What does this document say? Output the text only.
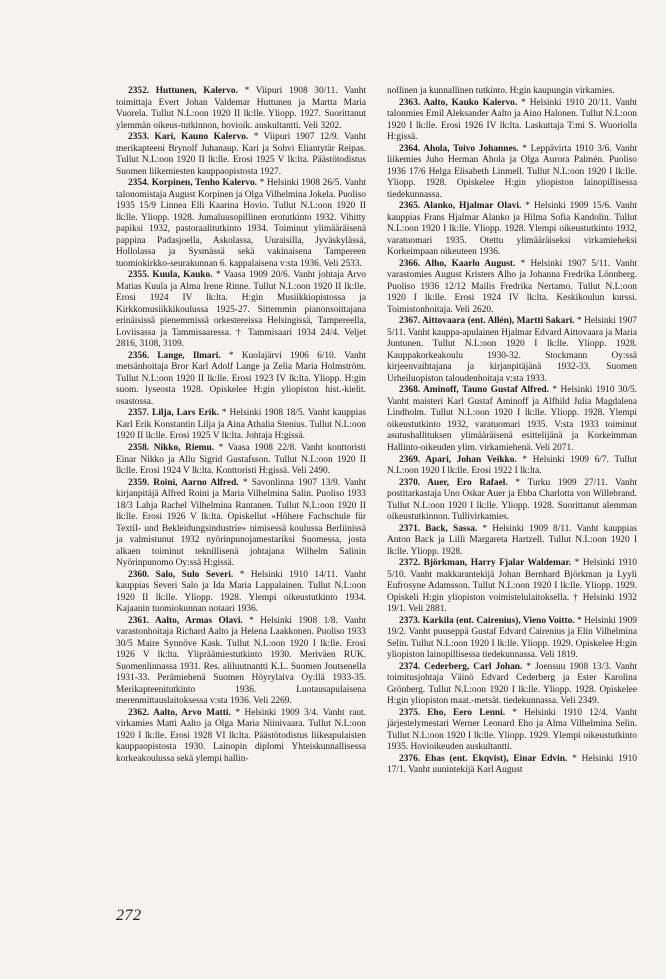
2352. Huttunen, Kalervo. * Viipuri 1908 30/11. Vanht toimittaja Evert Johan Valdemar Huttunen ja Martta Maria Vuorela. Tullut N.L:oon 1920 II lk:lle. Yliopp. 1927. Suorittanut ylemmän oikeus-tutkinnon, hovioik. auskultantti. Veli 3202.

2353. Kari, Kauno Kalervo. * Viipuri 1907 12/9. Vanht merikapteeni Brynolf Juhanaup. Kari ja Sohvi Eliantytär Reipas. Tullut N.L:oon 1920 II lk:lle. Erosi 1925 V lk:lta. Päästötodistus Suomen liikemiesten kauppaopistosta 1927.

2354. Korpinen, Tenho Kalervo. * Helsinki 1908 26/5. Vanht talonomistaja August Korpinen ja Olga Vilhelmina Jokela. Puoliso 1935 15/9 Linnea Elli Kaarina Hovio. Tullut N.L:oon 1920 II lk:lle. Yliopp. 1928. Jumaluusopillinen erotutkinto 1932. Vihitty papiksi 1932, pastoraalitutkinto 1934. Toiminut ylimääräisenä pappina Padasjoella, Askolassa, Uuraisilla, Jyväskylässä, Hollolassa ja Sysmässä sekä vakinaisena Tampereen tuomiokirkko-seurakunnan 6. kappalaisena v:sta 1936. Veli 2533.

2355. Kuula, Kauko. * Vaasa 1909 20/6. Vanht johtaja Arvo Matias Kuula ja Alma Irene Rinne. Tullut N.L:oon 1920 II lk:lle. Erosi 1924 IV lk:lta. H:gin Musiikkiopistossa ja Kirkkomusiikkikoulussa 1925-27. Sittemmin pianonsoittajana erinäisissä pienemmissä orkestereissa Helsingissä, Tampereella, Loviisassa ja Tammisaaressa. † Tammisaari 1934 24/4. Veljet 2816, 3108, 3109.

2356. Lange, Ilmari. * Kuolajärvi 1906 6/10. Vanht metsänhoitaja Bror Karl Adolf Lange ja Zelia Maria Holmström. Tullut N.L:oon 1920 II lk:lle. Erosi 1923 IV lk:lta. Yliopp. H:gin suom. lyseosta 1928. Opiskelee H:gin yliopiston hist.-kielit. osastossa.

2357. Lilja, Lars Erik. * Helsinki 1908 18/5. Vanht kauppias Karl Erik Konstantin Lilja ja Aina Athalia Stenius. Tullut N.L:oon 1920 II lk:lle. Erosi 1925 V lk:lta. Johtaja H:gissä.

2358. Nikko, Riemu. * Vaasa 1908 22/8. Vanht konttoristi Einar Nikko ja Allu Sigrid Gustafsson. Tullut N.L:oon 1920 II lk:lle. Erosi 1924 V lk:lta. Konttoristi H:gissä. Veli 2490.

2359. Roini, Aarno Alfred. * Savonlinna 1907 13/9. Vanht kirjanpitäjä Alfred Roini ja Maria Vilhelmina Salin. Puoliso 1933 18/3 Lahja Rachel Vilhelmina Rantanen. Tullut N.L:oon 1920 II lk:lle. Erosi 1926 V lk:lta. Opiskellut »Höhere Fachschule für Textil- und Bekleidungsindustrie» nimisessä koulussa Berliinissä ja valmistunut 1932 nyörinpunojamestariksi Suomessa, josta alkaen toiminut teknillisenä johtajana Wilhelm Salinin Nyörinpunomo Oy:ssä H:gissä.

2360. Salo, Sulo Severi. * Helsinki 1910 14/11. Vanht kauppias Severi Salo ja Ida Maria Lappalainen. Tullut N.L:oon 1920 II lk:lle. Yliopp. 1928. Ylempi oikeustutkinto 1934. Kajaanin tuomiokunnan notaari 1936.

2361. Aalto, Armas Olavi. * Helsinki 1908 1/8. Vanht varastonhoitaja Richard Aalto ja Helena Laakkonen. Puoliso 1933 30/5 Maire Synnöve Kask. Tullut N.L:oon 1920 I lk:lle. Erosi 1926 V lk:lta. Ylipräämiestutkinto 1930. Meriväen RUK. Suomenlinnassa 1931. Res. aliluutnantti K.L. Suomen Joutsenella 1931-33. Perämiehenä Suomen Höyrylaiva Oy:llä 1933-35. Merikapteenitutkinto 1936. Luotausapulaisena merenmittauslaitoksessa v:sta 1936. Veli 2269.

2362. Aalto, Arvo Matti. * Helsinki 1909 3/4. Vanht raut. virkamies Matti Aalto ja Olga Maria Niinivaara. Tullut N.L:oon 1920 I lk:lle. Erosi 1928 VI lk:lta. Päästötodistus liikeapulaisten kauppaopistosta 1930. Lainopin diplomi Yhteiskunnallisessa korkeakoulussa sekä ylempi hallin-

nollinen ja kunnallinen tutkinto. H:gin kaupungin virkamies.

2363. Aalto, Kauko Kalervo. * Helsinki 1910 20/11. Vanht talonmies Emil Aleksander Aalto ja Aino Halonen. Tullut N.L:oon 1920 I lk:lle. Erosi 1926 IV lk:lta. Laskuttaja T:mi S. Wuoriolla H:gissä.

2364. Ahola, Toivo Johannes. * Leppävirta 1910 3/6. Vanht liikemies Juho Herman Ahola ja Olga Aurora Palmén. Puoliso 1936 17/6 Helga Elisabeth Linmell. Tullut N.L:oon 1920 I lk:lle. Yliopp. 1928. Opiskelee H:gin yliopiston lainopillisessa tiedekunnassa.

2365. Alanko, Hjalmar Olavi. * Helsinki 1909 15/6. Vanht kauppias Frans Hjalmar Alanko ja Hilma Sofia Kandolin. Tullut N.L:oon 1920 I lk:lle. Yliopp. 1928. Ylempi oikeustutkinto 1932, varatuomari 1935. Otettu ylimääräiseksi virkamieheksi Korkeimpaan oikeuteen 1936.

2366. Alho, Kaarlo August. * Helsinki 1907 5/11. Vanht varastomies August Kristers Alho ja Johanna Fredrika Lönnberg. Puoliso 1936 12/12 Mailis Fredrika Nertamo. Tullut N.L:oon 1920 I lk:lle. Erosi 1924 IV lk:lta. Keskikoulun kurssi. Toimistonhoitaja. Veli 2620.

2367. Aittovaara (ent. Allén), Martti Sakari. * Helsinki 1907 5/11. Vanht kauppa-apulainen Hjalmar Edvard Aittovaara ja Maria Juntunen. Tullut N.L:oon 1920 I lk:lle. Yliopp. 1928. Kauppakorkeakoulu 1930-32. Stockmann Oy:ssä kirjeenvaihtajana ja kirjanpitäjänä 1932-33. Suomen Urheiluopiston taloudenhoitaja v:sta 1933.

2368. Aminoff, Tauno Gustaf Alfred. * Helsinki 1910 30/5. Vanht maisteri Karl Gustaf Aminoff ja Alfhild Julia Magdalena Lindholm. Tullut N.L:oon 1920 I lk:lle. Yliopp. 1928. Ylempi oikeustutkinto 1932, varatuomari 1935. V:sta 1933 toiminut asutushallituksen ylimääräisenä esittelijänä ja Korkeimman Hallinto-oikeuden ylim. virkamiehenä. Veli 2071.

2369. Apari, Johan Veikko. * Helsinki 1909 6/7. Tullut N.L:oon 1920 I lk:lle. Erosi 1922 I lk:lta.

2370. Auer, Ero Rafael. * Turku 1909 27/11. Vanht postitarkastaja Uno Oskar Auer ja Ebba Charlotta von Willebrand. Tullut N.L:oon 1920 I lk:lle. Yliopp. 1928. Suorittanut alemman oikeustutkinnon. Tullivirkamies.

2371. Back, Sassa. * Helsinki 1909 8/11. Vanht kauppias Anton Back ja Lilli Margareta Hartzell. Tullut N.L:oon 1920 I lk:lle. Yliopp. 1928.

2372. Björkman, Harry Fjalar Waldemar. * Helsinki 1910 5/10. Vanht makkarantekijä Johan Bernhard Björkman ja Lyyli Eufrosyne Adamsson. Tullut N.L:oon 1920 I lk:lle. Yliopp. 1929. Opiskeli H:gin yliopiston voimistelulaitoksella. † Helsinki 1932 19/1. Veli 2881.

2373. Karkila (ent. Cairenius), Vieno Voitto. * Helsinki 1909 19/2. Vanht puuseppä Gustaf Edvard Cairenius ja Elin Vilhelmina Selin. Tullut N.L:oon 1920 I lk:lle. Yliopp. 1929. Opiskelee H:gin yliopiston lainopillisessa tiedekunnassa. Veli 1819.

2374. Cederberg, Carl Johan. * Joensuu 1908 13/3. Vanht toimitusjohtaja Väinö Edvard Cederberg ja Ester Karolina Grönberg. Tullut N.L:oon 1920 I lk:lle. Yliopp. 1928. Opiskelee H:gin yliopiston maat.-metsät. tiedekunnassa. Veli 2349.

2375. Eho, Eero Lenni. * Helsinki 1910 12/4. Vanht järjestelymestari Werner Leonard Eho ja Alma Vilhelmina Selin. Tullut N.L:oon 1920 I lk:lle. Yliopp. 1929. Ylempi oikeustutkinto 1935. Hovioikeuden auskultantti.

2376. Ehas (ent. Ekqvist), Einar Edvin. * Helsinki 1910 17/1. Vanht uunintekijä Karl August

272
